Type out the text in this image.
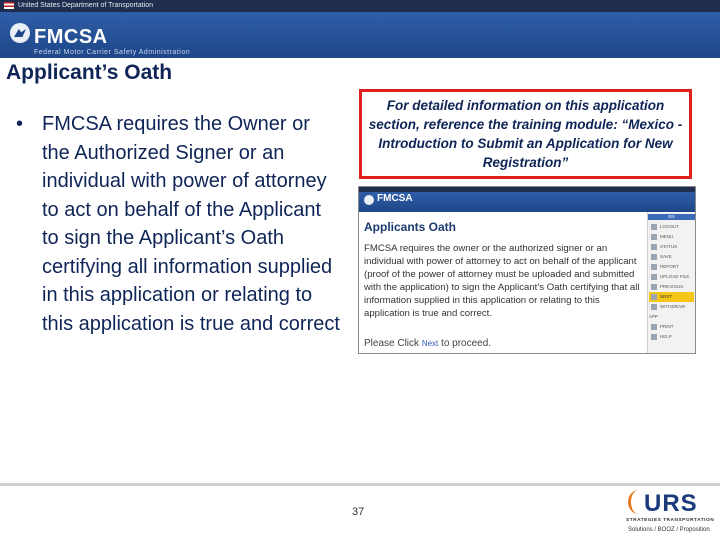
United States Department of Transportation
FMCSA
Federal Motor Carrier Safety Administration
Applicant’s Oath
• FMCSA requires the Owner or the Authorized Signer or an individual with power of attorney to act on behalf of the Applicant to sign the Applicant’s Oath certifying all information supplied in this application or relating to this application is true and correct
For detailed information on this application section, reference the training module: “Mexico - Introduction to Submit an Application for New Registration”
FMCSA
Applicants Oath
FMCSA requires the owner or the authorized signer or an individual with power of attorney to act on behalf of the applicant (proof of the power of attorney must be uploaded and submitted with the application) to sign the Applicant’s Oath certifying that all information supplied in this application or relating to this application is true and correct.
Please Click Next to proceed.
EN
LOGOUT
MENU
STATUS
SAVE
REPORT
UPLOAD FILE
PREVIOUS
NEXT
WITHDRAW APP
PRINT
HELP
37	URS
STRATEGIES TRANSPORTATION
Solutions / BOOZ / Proposition
